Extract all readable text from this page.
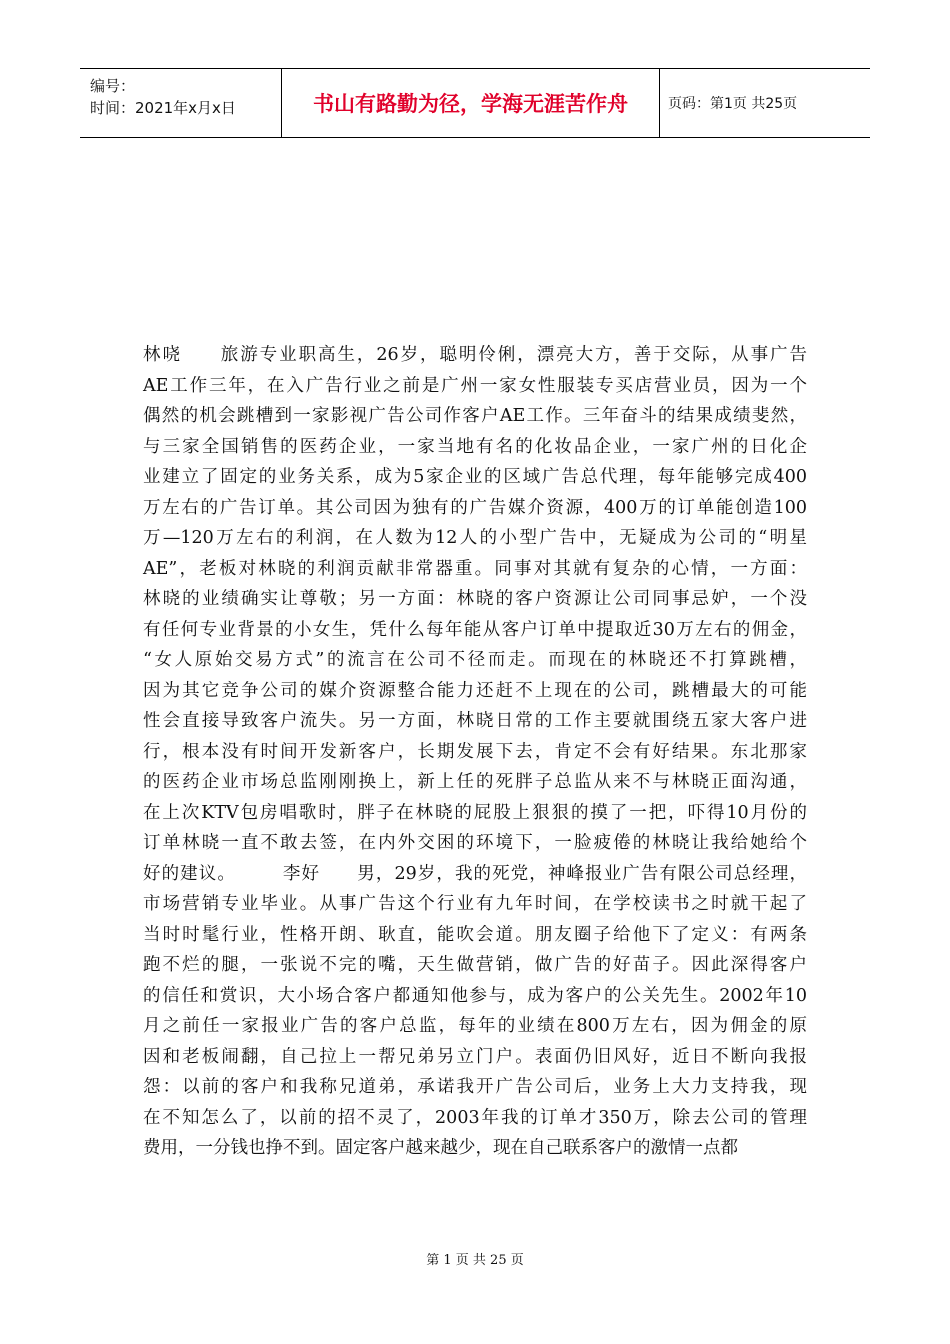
编号：
时间：2021年x月x日	书山有路勤为径，学海无涯苦作舟	页码：第1页 共25页
林哓　　旅游专业职高生，26岁，聪明伶俐，漂亮大方，善于交际，从事广告
AE工作三年，在入广告行业之前是广州一家女性服装专买店营业员，因为一个
偶然的机会跳槽到一家影视广告公司作客户AE工作。三年奋斗的结果成绩斐然，
与三家全国销售的医药企业，一家当地有名的化妆品企业，一家广州的日化企
业建立了固定的业务关系，成为5家企业的区域广告总代理，每年能够完成400
万左右的广告订单。其公司因为独有的广告媒介资源，400万的订单能创造100
万—120万左右的利润，在人数为12人的小型广告中，无疑成为公司的“明星
AE”，老板对林晓的利润贡献非常器重。同事对其就有复杂的心情，一方面：
林晓的业绩确实让尊敬；另一方面：林晓的客户资源让公司同事忌妒，一个没
有任何专业背景的小女生，凭什么每年能从客户订单中提取近30万左右的佣金，
“女人原始交易方式”的流言在公司不径而走。而现在的林晓还不打算跳槽，
因为其它竞争公司的媒介资源整合能力还赶不上现在的公司，跳槽最大的可能
性会直接导致客户流失。另一方面，林晓日常的工作主要就围绕五家大客户进
行，根本没有时间开发新客户，长期发展下去，肯定不会有好结果。东北那家
的医药企业市场总监刚刚换上，新上任的死胖子总监从来不与林晓正面沟通，
在上次KTV包房唱歌时，胖子在林晓的屁股上狠狠的摸了一把，吓得10月份的
订单林晓一直不敢去签，在内外交困的环境下，一脸疲倦的林晓让我给她给个
好的建议。　　　李好　　男，29岁，我的死党，神峰报业广告有限公司总经理，
市场营销专业毕业。从事广告这个行业有九年时间，在学校读书之时就干起了
当时时髦行业，性格开朗、耿直，能吹会道。朋友圈子给他下了定义：有两条
跑不烂的腿，一张说不完的嘴，天生做营销，做广告的好苗子。因此深得客户
的信任和赏识，大小场合客户都通知他参与，成为客户的公关先生。2002年10
月之前任一家报业广告的客户总监，每年的业绩在800万左右，因为佣金的原
因和老板闹翻，自己拉上一帮兄弟另立门户。表面仍旧风好，近日不断向我报
怨：以前的客户和我称兄道弟，承诺我开广告公司后，业务上大力支持我，现
在不知怎么了，以前的招不灵了，2003年我的订单才350万，除去公司的管理
费用，一分钱也挣不到。固定客户越来越少，现在自己联系客户的激情一点都
第 1 页 共 25 页
